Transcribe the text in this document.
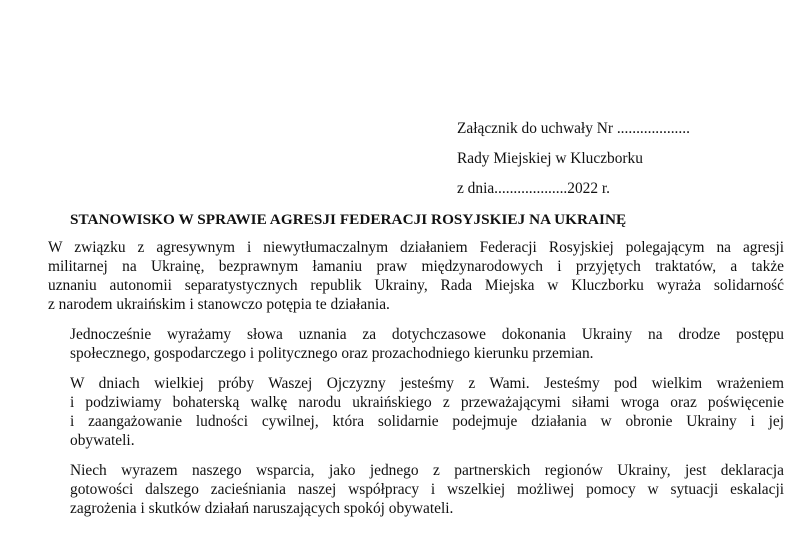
Załącznik do uchwały Nr ...................
Rady Miejskiej w Kluczborku
z dnia...................2022 r.
STANOWISKO W SPRAWIE AGRESJI FEDERACJI ROSYJSKIEJ NA UKRAINĘ

W związku z agresywnym i niewytłumaczalnym działaniem Federacji Rosyjskiej polegającym na agresji
militarnej na Ukrainę, bezprawnym łamaniu praw międzynarodowych i przyjętych traktatów, a także
uznaniu autonomii separatystycznych republik Ukrainy, Rada Miejska w Kluczborku wyraża solidarność
z narodem ukraińskim i stanowczo potępia te działania.

Jednocześnie wyrażamy słowa uznania za dotychczasowe dokonania Ukrainy na drodze postępu
społecznego, gospodarczego i politycznego oraz prozachodniego kierunku przemian.

W dniach wielkiej próby Waszej Ojczyzny jesteśmy z Wami. Jesteśmy pod wielkim wrażeniem
i podziwiamy bohaterską walkę narodu ukraińskiego z przeważającymi siłami wroga oraz poświęcenie
i zaangażowanie ludności cywilnej, która solidarnie podejmuje działania w obronie Ukrainy i jej
obywateli.

Niech wyrazem naszego wsparcia, jako jednego z partnerskich regionów Ukrainy, jest deklaracja
gotowości dalszego zacieśniania naszej współpracy i wszelkiej możliwej pomocy w sytuacji eskalacji
zagrożenia i skutków działań naruszających spokój obywateli.
